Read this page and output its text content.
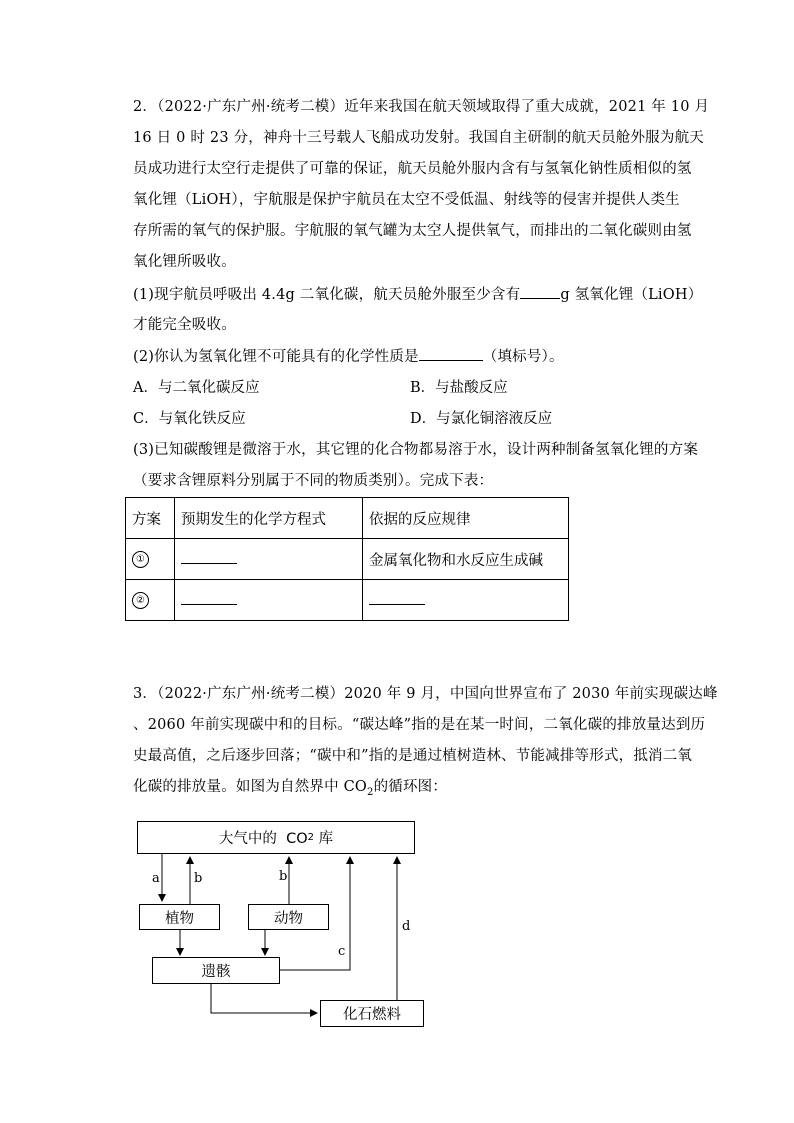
2．（2022·广东广州·统考二模）近年来我国在航天领域取得了重大成就，2021 年 10 月
16 日 0 时 23 分，神舟十三号载人飞船成功发射。我国自主研制的航天员舱外服为航天
员成功进行太空行走提供了可靠的保证，航天员舱外服内含有与氢氧化钠性质相似的氢
氧化锂（LiOH），宇航服是保护宇航员在太空不受低温、射线等的侵害并提供人类生
存所需的氧气的保护服。宇航服的氧气罐为太空人提供氧气，而排出的二氧化碳则由氢
氧化锂所吸收。
(1)现宇航员呼吸出 4.4g 二氧化碳，航天员舱外服至少含有	g 氢氧化锂（LiOH）
才能完全吸收。
(2)你认为氢氧化锂不可能具有的化学性质是	（填标号）。
A．与二氧化碳反应	B．与盐酸反应
C．与氧化铁反应	D．与氯化铜溶液反应
(3)已知碳酸锂是微溶于水，其它锂的化合物都易溶于水，设计两种制备氢氧化锂的方案
（要求含锂原料分别属于不同的物质类别）。完成下表：
方案	预期发生的化学方程式	依据的反应规律
①		金属氧化物和水反应生成碱
②		
3．（2022·广东广州·统考二模）2020 年 9 月，中国向世界宣布了 2030 年前实现碳达峰
、2060 年前实现碳中和的目标。“碳达峰”指的是在某一时间，二氧化碳的排放量达到历
史最高值，之后逐步回落；“碳中和”指的是通过植树造林、节能减排等形式，抵消二氧
化碳的排放量。如图为自然界中 $CO_2$的循环图：
大气中的  CO 2 库
植物	动物
遗骸
化石燃料
a	b	b
c
d
